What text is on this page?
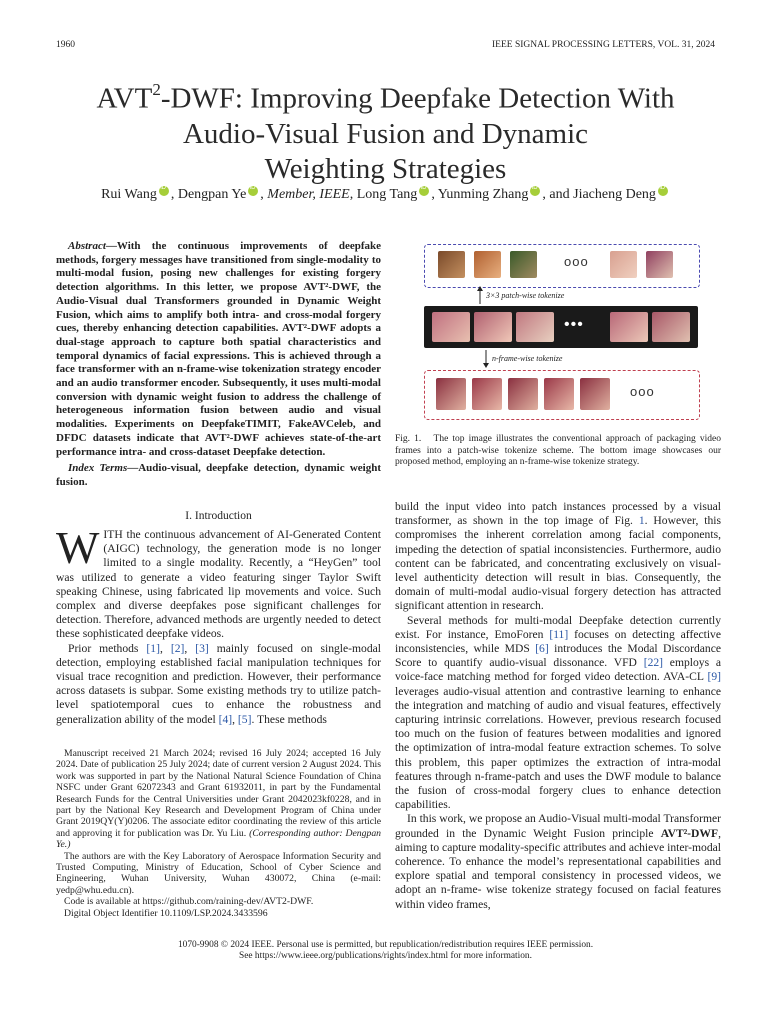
1960	IEEE SIGNAL PROCESSING LETTERS, VOL. 31, 2024
AVT$^2$-DWF: Improving Deepfake Detection With
Audio-Visual Fusion and Dynamic
Weighting Strategies
Rui Wang iD , Dengpan Ye iD , Member, IEEE, Long Tang iD , Yunming Zhang iD , and Jiacheng DengiD

Abstract—With the continuous improvements of deepfake methods, forgery messages have transitioned from single-modality to multi-modal fusion, posing new challenges for existing forgery detection algorithms. In this letter, we propose AVT²-DWF, the Audio-Visual dual Transformers grounded in Dynamic Weight Fusion, which aims to amplify both intra- and cross-modal forgery cues, thereby enhancing detection capabilities. AVT²-DWF adopts a dual-stage approach to capture both spatial characteristics and temporal dynamics of facial expressions. This is achieved through a face transformer with an n-frame-wise tokenization strategy encoder and an audio transformer encoder. Subsequently, it uses multi-modal conversion with dynamic weight fusion to address the challenge of heterogeneous information fusion between audio and visual modalities. Experiments on DeepfakeTIMIT, FakeAVCeleb, and DFDC datasets indicate that AVT²-DWF achieves state-of-the-art performance intra- and cross-dataset Deepfake detection.

Index Terms—Audio-visual, deepfake detection, dynamic weight fusion.

I. Introduction

WITH the continuous advancement of AI-Generated Content (AIGC) technology, the generation mode is no longer limited to a single modality. Recently, a “HeyGen” tool was utilized to generate a video featuring singer Taylor Swift speaking Chinese, using fabricated lip movements and voice. Such complex and diverse deepfakes pose significant challenges for detection. Therefore, advanced methods are urgently needed to detect these sophisticated deepfake videos.

Prior methods [1], [2], [3] mainly focused on single-modal detection, employing established facial manipulation techniques for visual trace recognition and prediction. However, their performance across datasets is subpar. Some existing methods try to utilize patch-level spatiotemporal cues to enhance the robustness and generalization ability of the model [4], [5]. These methods

Manuscript received 21 March 2024; revised 16 July 2024; accepted 16 July 2024. Date of publication 25 July 2024; date of current version 2 August 2024. This work was supported in part by the National Natural Science Foundation of China NSFC under Grant 62072343 and Grant 61932011, in part by the Fundamental Research Funds for the Central Universities under Grant 2042023kf0228, and in part by the National Key Research and Development Program of China under Grant 2019QY(Y)0206. The associate editor coordinating the review of this article and approving it for publication was Dr. Yu Liu. (Corresponding author: Dengpan Ye.)

The authors are with the Key Laboratory of Aerospace Information Security and Trusted Computing, Ministry of Education, School of Cyber Science and Engineering, Wuhan University, Wuhan 430072, China (e-mail: yedp@whu.edu.cn).

Code is available at https://github.com/raining-dev/AVT2-DWF.

Digital Object Identifier 10.1109/LSP.2024.3433596

ooo
3×3 patch-wise tokenize
•••
n-frame-wise tokenize
ooo
Fig. 1. The top image illustrates the conventional approach of packaging video frames into a patch-wise tokenize scheme. The bottom image showcases our proposed method, employing an n-frame-wise tokenize strategy.

build the input video into patch instances processed by a visual transformer, as shown in the top image of Fig. 1. However, this compromises the inherent correlation among facial components, impeding the detection of spatial inconsistencies. Furthermore, audio content can be fabricated, and concentrating exclusively on visual-level authenticity detection will result in bias. Consequently, the domain of multi-modal audio-visual forgery detection has attracted significant attention in research.

Several methods for multi-modal Deepfake detection currently exist. For instance, EmoForen [11] focuses on detecting affective inconsistencies, while MDS [6] introduces the Modal Discordance Score to quantify audio-visual dissonance. VFD [22] employs a voice-face matching method for forged video detection. AVA-CL [9] leverages audio-visual attention and contrastive learning to enhance the integration and matching of audio and visual features, effectively capturing intrinsic correlations. However, previous research focused too much on the fusion of features between modalities and ignored the optimization of intra-modal feature extraction schemes. To solve this problem, this paper optimizes the extraction of intra-modal features through n-frame-patch and uses the DWF module to balance the fusion of cross-modal forgery clues to enhance detection capabilities.

In this work, we propose an Audio-Visual multi-modal Transformer grounded in the Dynamic Weight Fusion principle AVT²-DWF, aiming to capture modality-specific attributes and achieve inter-modal coherence. To enhance the model’s representational capabilities and explore spatial and temporal consistency in processed videos, we adopt an n-frame- wise tokenize strategy focused on facial features within video frames,

1070-9908 © 2024 IEEE. Personal use is permitted, but republication/redistribution requires IEEE permission.
See https://www.ieee.org/publications/rights/index.html for more information.
